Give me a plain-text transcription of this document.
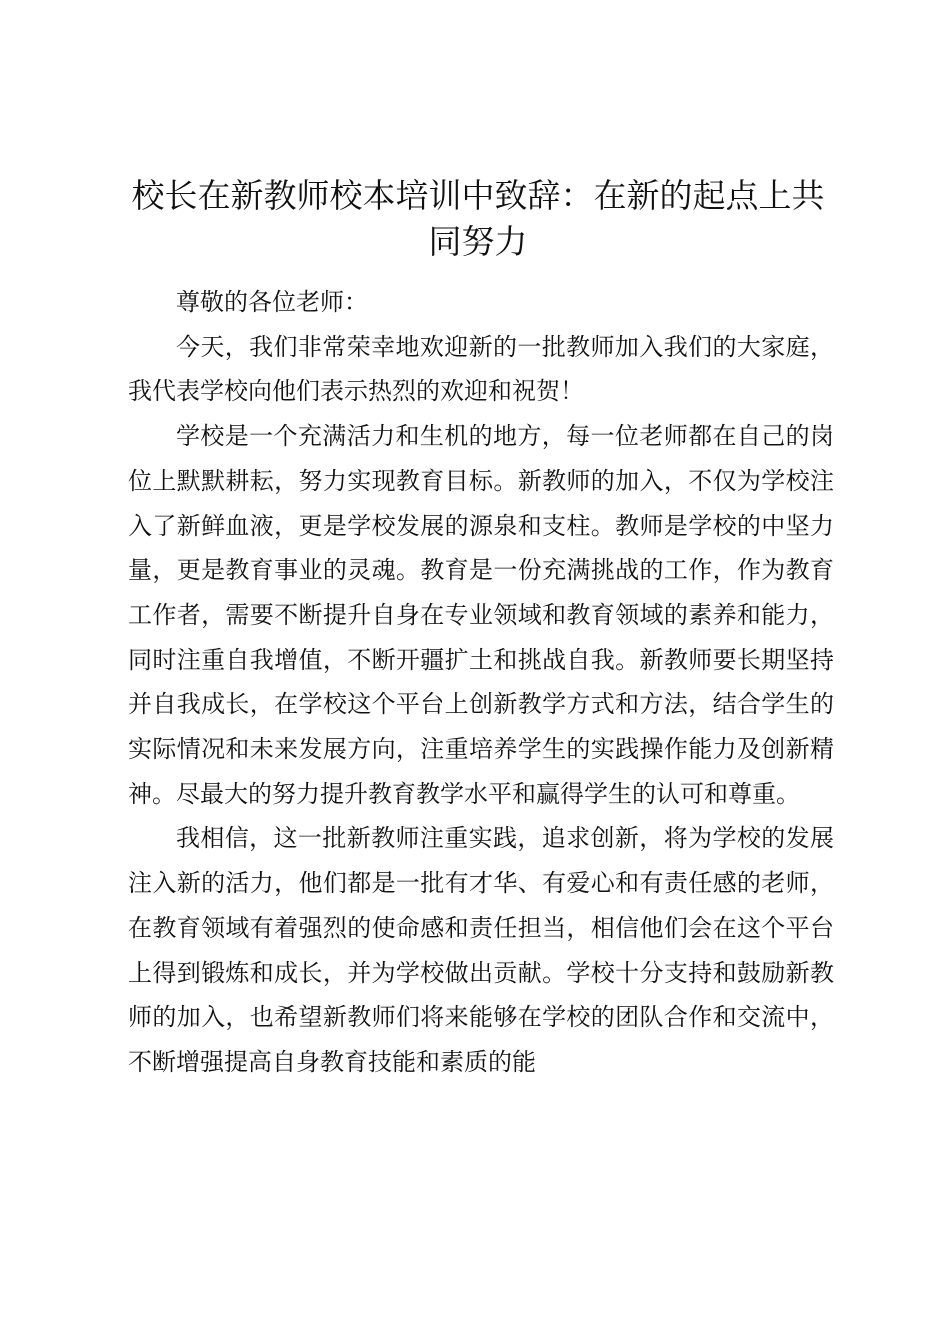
校长在新教师校本培训中致辞：在新的起点上共同努力

尊敬的各位老师：

今天，我们非常荣幸地欢迎新的一批教师加入我们的大家庭，我代表学校向他们表示热烈的欢迎和祝贺！

学校是一个充满活力和生机的地方，每一位老师都在自己的岗位上默默耕耘，努力实现教育目标。新教师的加入，不仅为学校注入了新鲜血液，更是学校发展的源泉和支柱。教师是学校的中坚力量，更是教育事业的灵魂。教育是一份充满挑战的工作，作为教育工作者，需要不断提升自身在专业领域和教育领域的素养和能力，同时注重自我增值，不断开疆扩土和挑战自我。新教师要长期坚持并自我成长，在学校这个平台上创新教学方式和方法，结合学生的实际情况和未来发展方向，注重培养学生的实践操作能力及创新精神。尽最大的努力提升教育教学水平和赢得学生的认可和尊重。

我相信，这一批新教师注重实践，追求创新，将为学校的发展注入新的活力，他们都是一批有才华、有爱心和有责任感的老师，在教育领域有着强烈的使命感和责任担当，相信他们会在这个平台上得到锻炼和成长，并为学校做出贡献。学校十分支持和鼓励新教师的加入，也希望新教师们将来能够在学校的团队合作和交流中，不断增强提高自身教育技能和素质的能
